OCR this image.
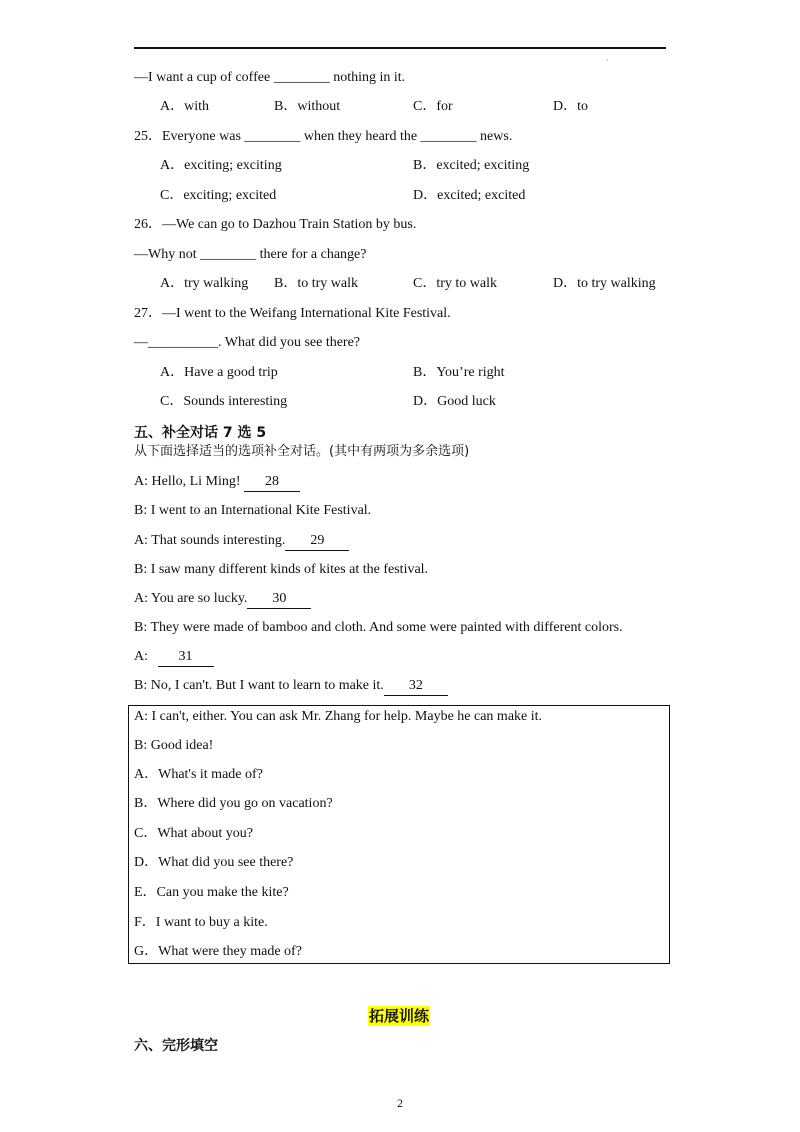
·
—I want a cup of coffee ________ nothing in it.
A．with	B．without	C．for	D．to
25．Everyone was ________ when they heard the ________ news.
A．exciting; exciting	B．excited; exciting
C．exciting; excited	D．excited; excited
26．—We can go to Dazhou Train Station by bus.
—Why not ________ there for a change?
A．try walking B．to try walk	C．try to walk	D．to try walking
27．—I went to the Weifang International Kite Festival.
—__________. What did you see there?
A．Have a good trip	B．You’re right
C．Sounds interesting	D．Good luck
五、补全对话 7 选 5
从下面选择适当的选项补全对话。(其中有两项为多余选项)
A: Hello, Li Ming! 28
B: I went to an International Kite Festival.
A: That sounds interesting. 29
B: I saw many different kinds of kites at the festival.
A: You are so lucky. 30
B: They were made of bamboo and cloth. And some were painted with different colors.
A: 31
B: No, I can't. But I want to learn to make it. 32
A: I can't, either. You can ask Mr. Zhang for help. Maybe he can make it.
B: Good idea!
A．What's it made of?
B．Where did you go on vacation?
C．What about you?
D．What did you see there?
E．Can you make the kite?
F．I want to buy a kite.
G．What were they made of?
拓展训练
六、完形填空
2
